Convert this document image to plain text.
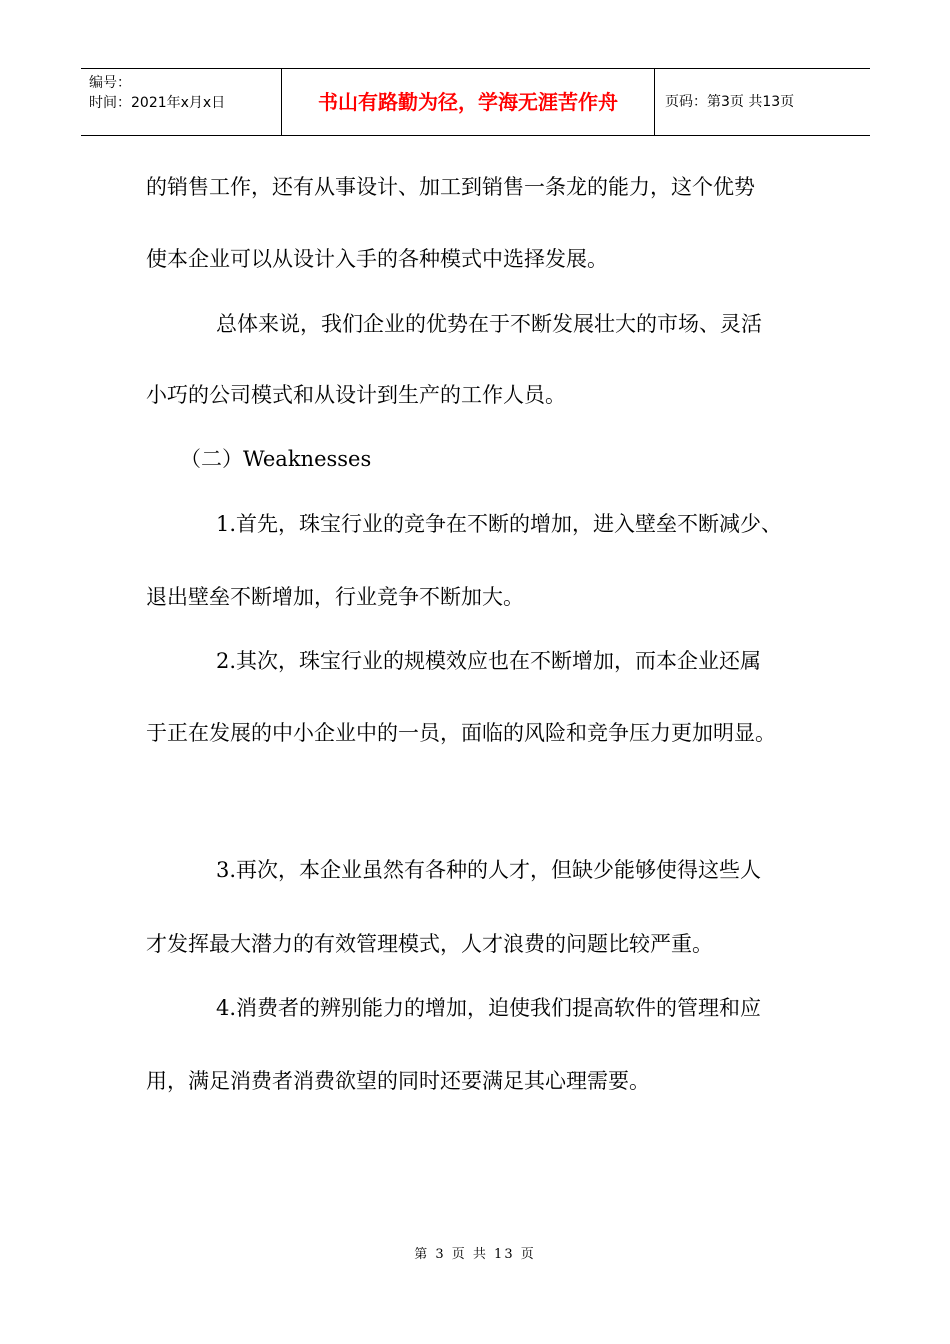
编号：
时间：2021年x月x日	书山有路勤为径，学海无涯苦作舟	页码：第3页 共13页

的销售工作，还有从事设计、加工到销售一条龙的能力，这个优势

使本企业可以从设计入手的各种模式中选择发展。

总体来说，我们企业的优势在于不断发展壮大的市场、灵活

小巧的公司模式和从设计到生产的工作人员。

（二）Weaknesses

1.首先，珠宝行业的竞争在不断的增加，进入壁垒不断减少、

退出壁垒不断增加，行业竞争不断加大。

2.其次，珠宝行业的规模效应也在不断增加，而本企业还属

于正在发展的中小企业中的一员，面临的风险和竞争压力更加明显。

3.再次，本企业虽然有各种的人才，但缺少能够使得这些人

才发挥最大潜力的有效管理模式，人才浪费的问题比较严重。

4.消费者的辨别能力的增加，迫使我们提高软件的管理和应

用，满足消费者消费欲望的同时还要满足其心理需要。

第 3 页 共 13 页
